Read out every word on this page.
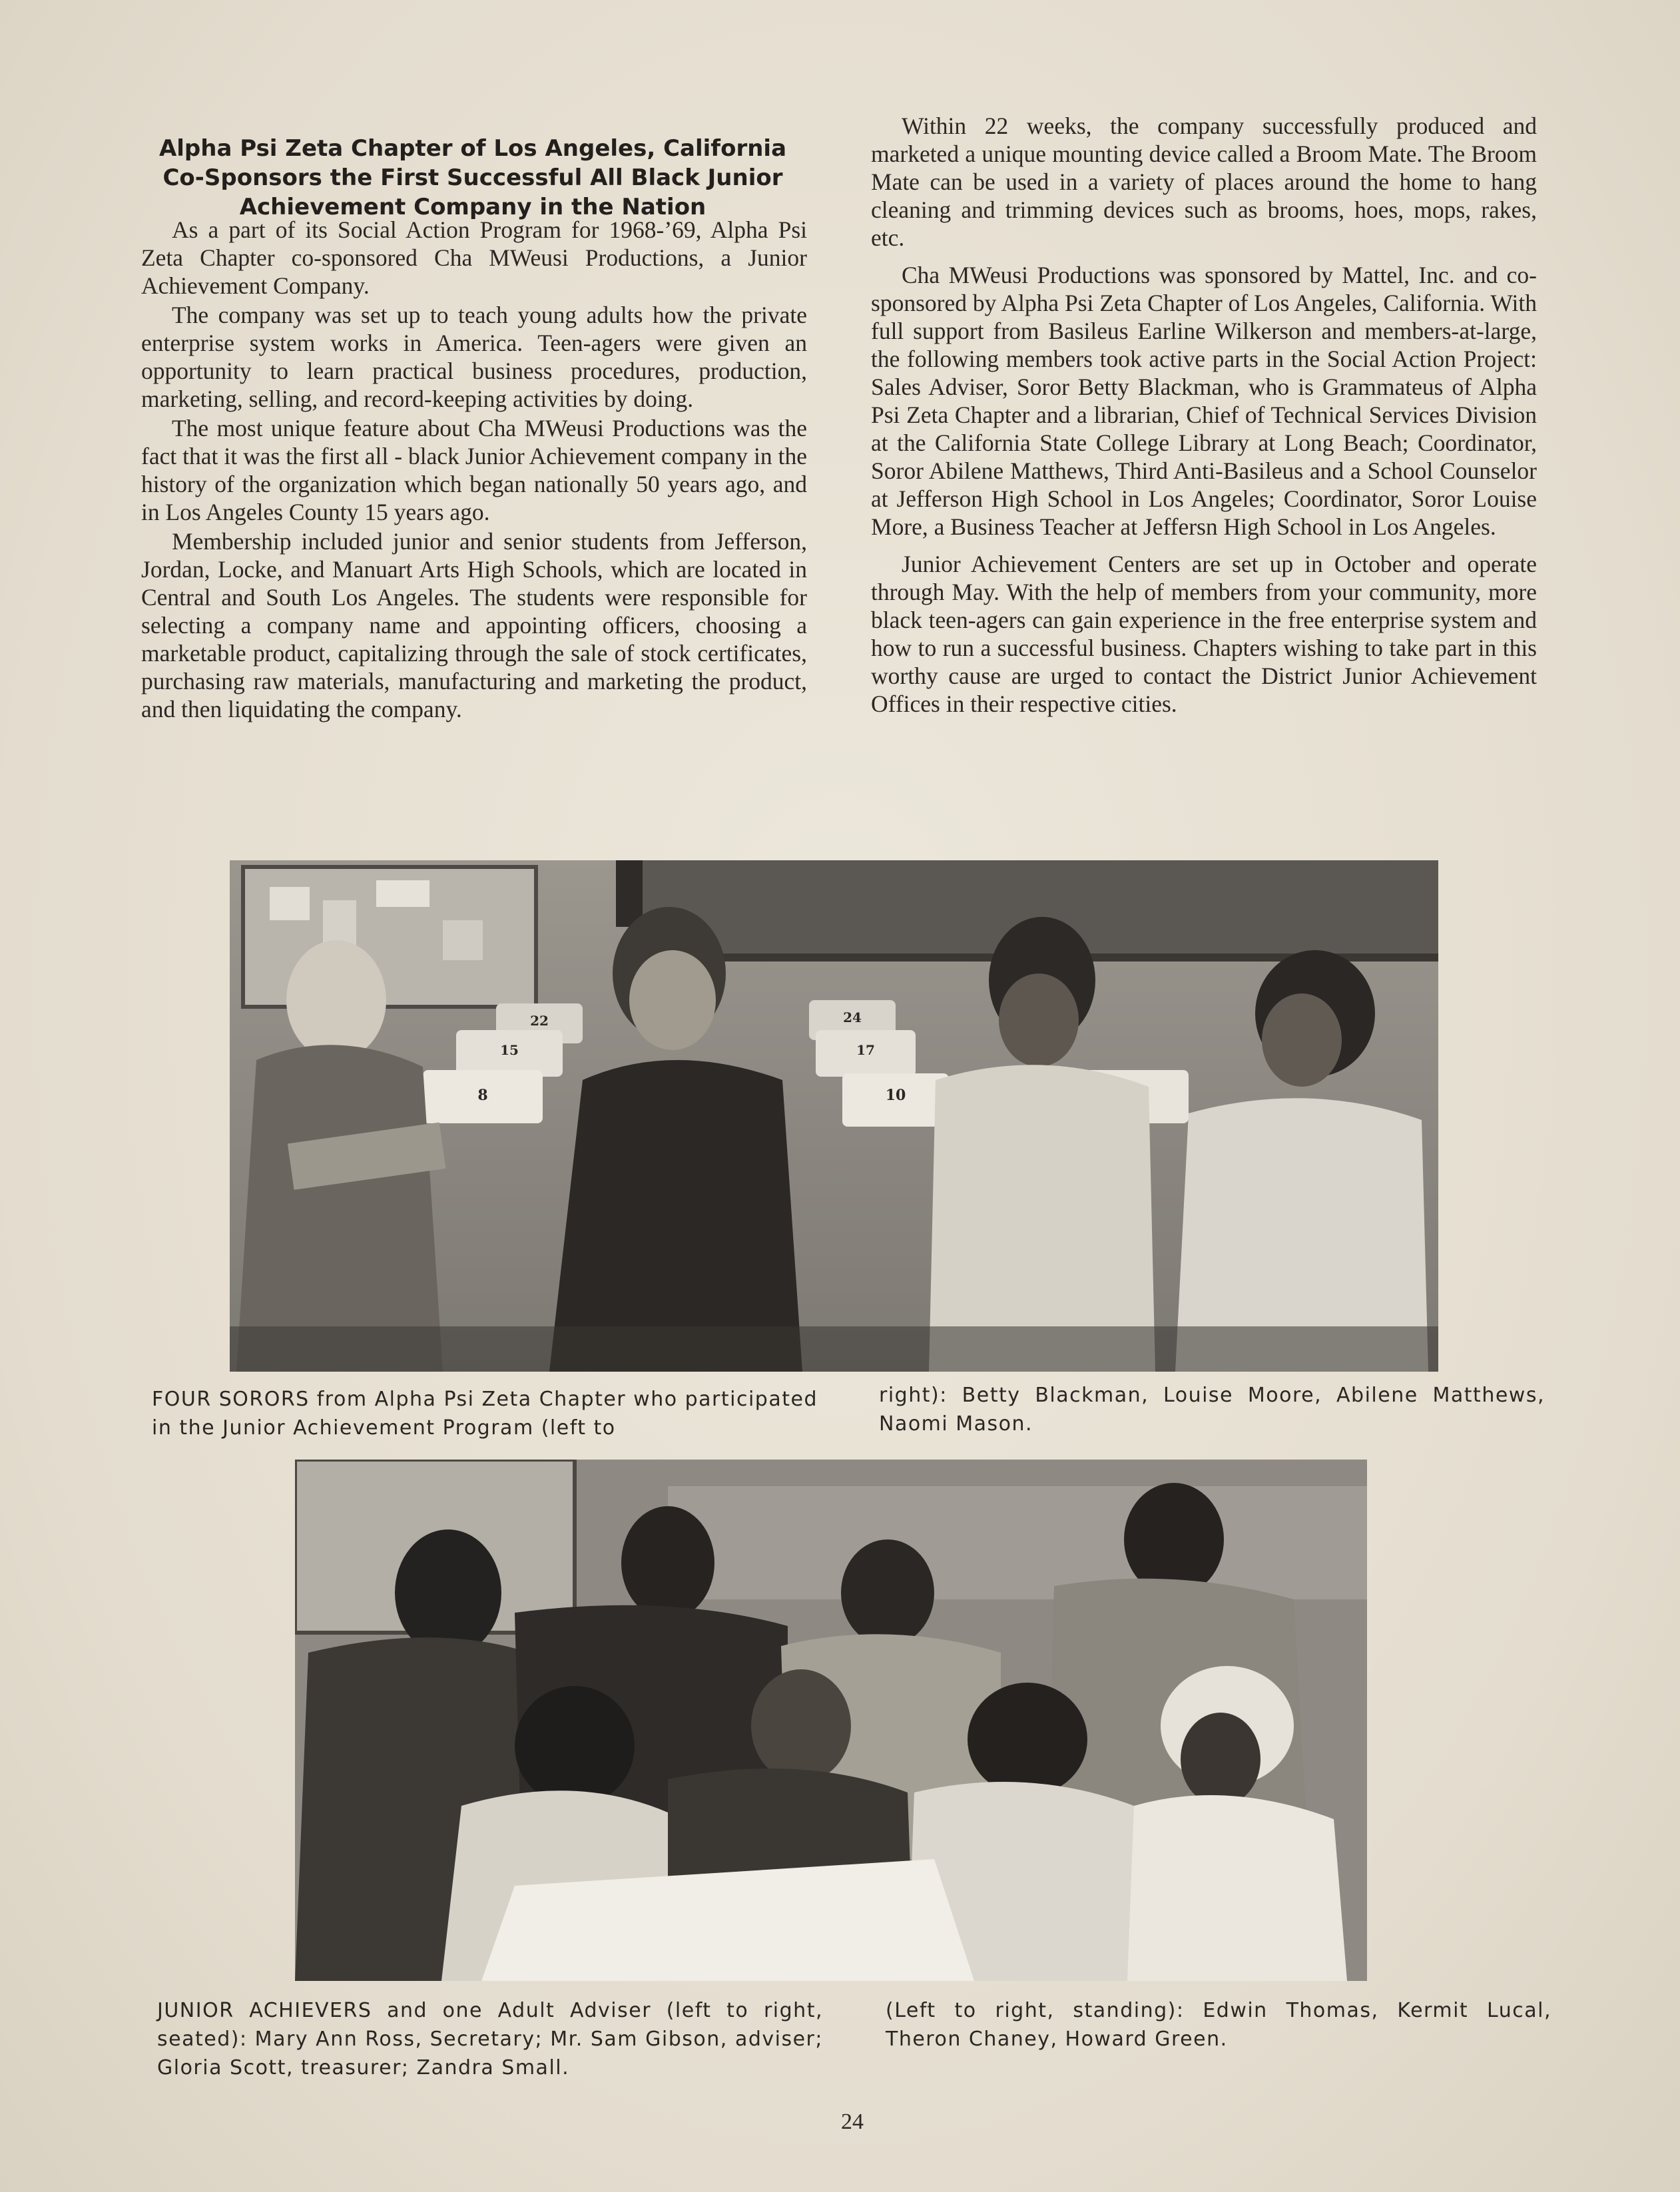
Alpha Psi Zeta Chapter of Los Angeles, California Co-Sponsors the First Successful All Black Junior Achievement Company in the Nation

As a part of its Social Action Program for 1968-’69, Alpha Psi Zeta Chapter co-sponsored Cha MWeusi Productions, a Junior Achievement Company.

The company was set up to teach young adults how the private enterprise system works in America. Teen-agers were given an opportunity to learn practical business procedures, production, marketing, selling, and record-keeping activities by doing.

The most unique feature about Cha MWeusi Productions was the fact that it was the first all - black Junior Achievement company in the history of the organization which began nationally 50 years ago, and in Los Angeles County 15 years ago.

Membership included junior and senior students from Jefferson, Jordan, Locke, and Manuart Arts High Schools, which are located in Central and South Los Angeles. The students were responsible for selecting a company name and appointing officers, choosing a marketable product, capitalizing through the sale of stock certificates, purchasing raw materials, manufacturing and marketing the product, and then liquidating the company.

Within 22 weeks, the company successfully produced and marketed a unique mounting device called a Broom Mate. The Broom Mate can be used in a variety of places around the home to hang cleaning and trimming devices such as brooms, hoes, mops, rakes, etc.

Cha MWeusi Productions was sponsored by Mattel, Inc. and co-sponsored by Alpha Psi Zeta Chapter of Los Angeles, California. With full support from Basileus Earline Wilkerson and members-at-large, the following members took active parts in the Social Action Project: Sales Adviser, Soror Betty Blackman, who is Grammateus of Alpha Psi Zeta Chapter and a librarian, Chief of Technical Services Division at the California State College Library at Long Beach; Coordinator, Soror Abilene Matthews, Third Anti-Basileus and a School Counselor at Jefferson High School in Los Angeles; Coordinator, Soror Louise More, a Business Teacher at Jeffersn High School in Los Angeles.

Junior Achievement Centers are set up in October and operate through May. With the help of members from your community, more black teen-agers can gain experience in the free enterprise system and how to run a successful business. Chapters wishing to take part in this worthy cause are urged to contact the District Junior Achievement Offices in their respective cities.

22	24
15	17
8	10
FOUR SORORS from Alpha Psi Zeta Chapter who participated in the Junior Achievement Program (left to
right): Betty Blackman, Louise Moore, Abilene Matthews, Naomi Mason.
JUNIOR ACHIEVERS and one Adult Adviser (left to right, seated): Mary Ann Ross, Secretary; Mr. Sam Gibson, adviser; Gloria Scott, treasurer; Zandra Small.
(Left to right, standing): Edwin Thomas, Kermit Lucal, Theron Chaney, Howard Green.
24
